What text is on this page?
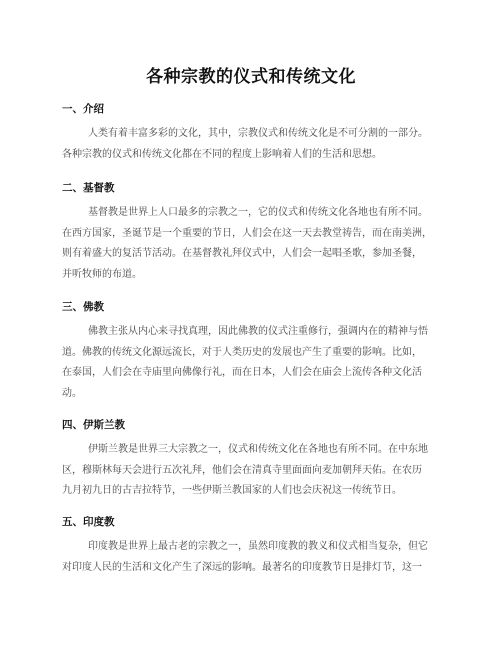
各种宗教的仪式和传统文化
一、介绍
人类有着丰富多彩的文化，其中，宗教仪式和传统文化是不可分割的一部分。
各种宗教的仪式和传统文化都在不同的程度上影响着人们的生活和思想。
二、基督教
基督教是世界上人口最多的宗教之一，它的仪式和传统文化各地也有所不同。
在西方国家，圣诞节是一个重要的节日，人们会在这一天去教堂祷告，而在南美洲，
则有着盛大的复活节活动。在基督教礼拜仪式中，人们会一起唱圣歌，参加圣餐，
并听牧师的布道。
三、佛教
佛教主张从内心来寻找真理，因此佛教的仪式注重修行，强调内在的精神与悟
道。佛教的传统文化源远流长，对于人类历史的发展也产生了重要的影响。比如，
在泰国，人们会在寺庙里向佛像行礼，而在日本，人们会在庙会上流传各种文化活
动。
四、伊斯兰教
伊斯兰教是世界三大宗教之一，仪式和传统文化在各地也有所不同。在中东地
区，穆斯林每天会进行五次礼拜，他们会在清真寺里面面向麦加朝拜天佑。在农历
九月初九日的古吉拉特节，一些伊斯兰教国家的人们也会庆祝这一传统节日。
五、印度教
印度教是世界上最古老的宗教之一，虽然印度教的教义和仪式相当复杂，但它
对印度人民的生活和文化产生了深远的影响。最著名的印度教节日是排灯节，这一
